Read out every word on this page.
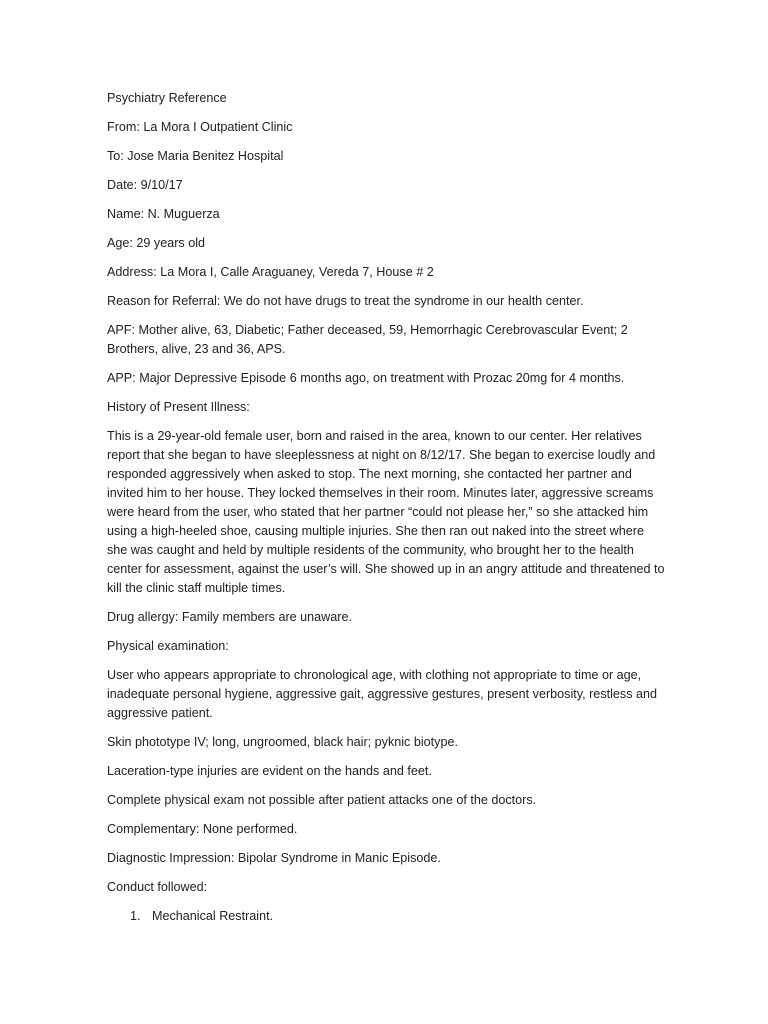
Psychiatry Reference

From: La Mora I Outpatient Clinic

To: Jose Maria Benitez Hospital

Date: 9/10/17

Name: N. Muguerza

Age: 29 years old

Address: La Mora I, Calle Araguaney, Vereda 7, House # 2

Reason for Referral: We do not have drugs to treat the syndrome in our health center.

APF: Mother alive, 63, Diabetic; Father deceased, 59, Hemorrhagic Cerebrovascular Event; 2 Brothers, alive, 23 and 36, APS.

APP: Major Depressive Episode 6 months ago, on treatment with Prozac 20mg for 4 months.

History of Present Illness:

This is a 29-year-old female user, born and raised in the area, known to our center. Her relatives report that she began to have sleeplessness at night on 8/12/17. She began to exercise loudly and responded aggressively when asked to stop. The next morning, she contacted her partner and invited him to her house. They locked themselves in their room. Minutes later, aggressive screams were heard from the user, who stated that her partner “could not please her,” so she attacked him using a high-heeled shoe, causing multiple injuries. She then ran out naked into the street where she was caught and held by multiple residents of the community, who brought her to the health center for assessment, against the user’s will. She showed up in an angry attitude and threatened to kill the clinic staff multiple times.

Drug allergy: Family members are unaware.

Physical examination:

User who appears appropriate to chronological age, with clothing not appropriate to time or age, inadequate personal hygiene, aggressive gait, aggressive gestures, present verbosity, restless and aggressive patient.

Skin phototype IV; long, ungroomed, black hair; pyknic biotype.

Laceration-type injuries are evident on the hands and feet.

Complete physical exam not possible after patient attacks one of the doctors.

Complementary: None performed.

Diagnostic Impression: Bipolar Syndrome in Manic Episode.

Conduct followed:

1. Mechanical Restraint.
